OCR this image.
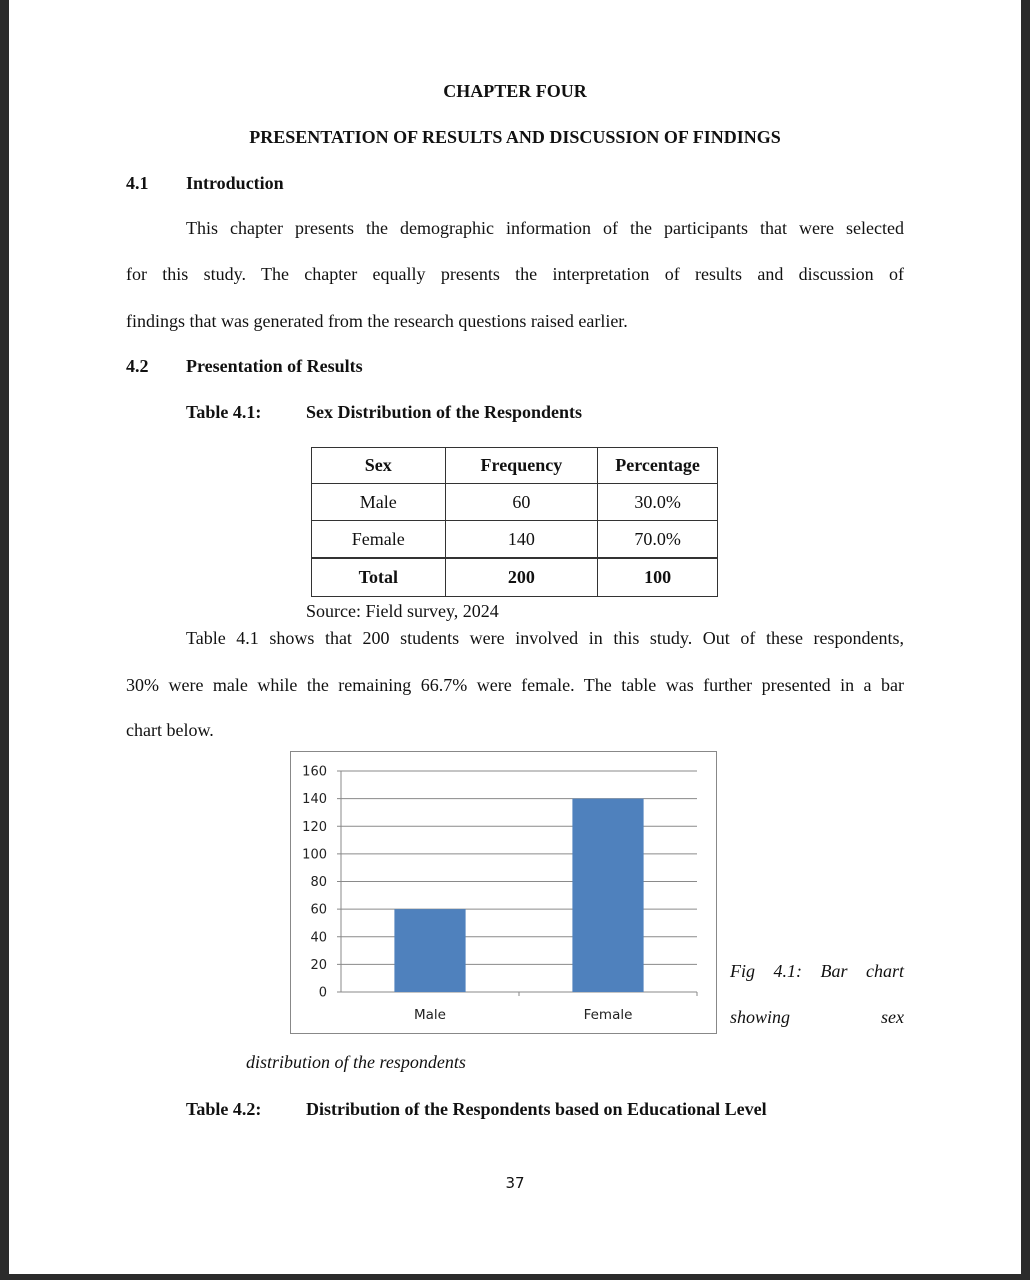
CHAPTER FOUR
PRESENTATION OF RESULTS AND DISCUSSION OF FINDINGS
4.1 Introduction
This chapter presents the demographic information of the participants that were selected
for this study. The chapter equally presents the interpretation of results and discussion of
findings that was generated from the research questions raised earlier.
4.2 Presentation of Results
Table 4.1: Sex Distribution of the Respondents
Sex	Frequency	Percentage
Male	60	30.0%
Female	140	70.0%
Total	200	100
Source: Field survey, 2024
Table 4.1 shows that 200 students were involved in this study. Out of these respondents,
30% were male while the remaining 66.7% were female. The table was further presented in a bar
chart below.
0
20
40
60
80
100
120
140
160
Male	Female
Fig 4.1: Bar chart
showing	sex
distribution of the respondents
Table 4.2: Distribution of the Respondents based on Educational Level
37
